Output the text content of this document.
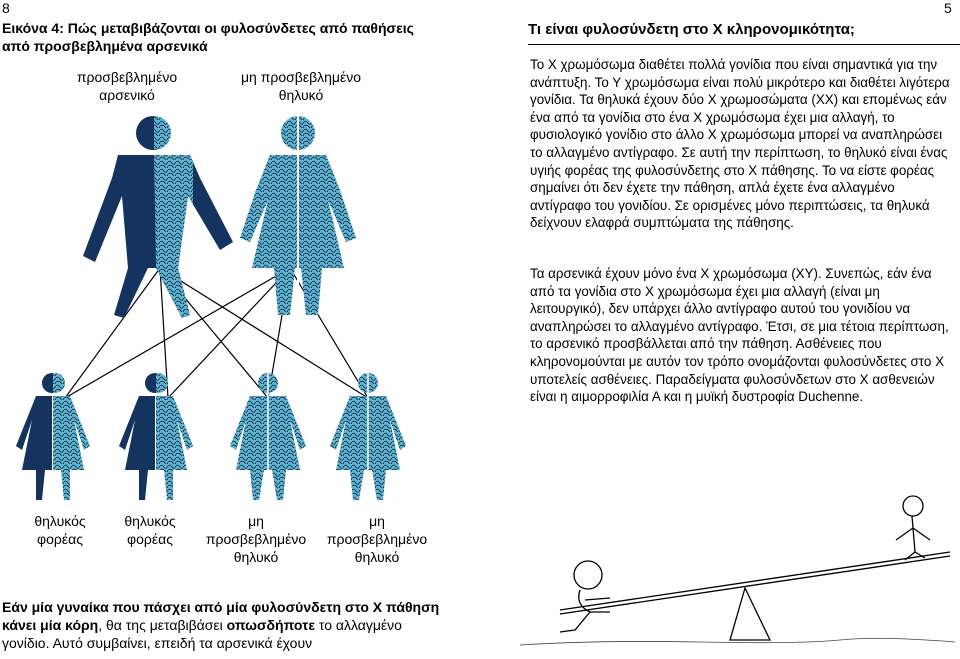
8	5
Εικόνα 4: Πώς μεταβιβάζονται οι φυλοσύνδετες από παθήσεις από προσβεβλημένα αρσενικά
προσβεβλημένο αρσενικό
μη προσβεβλημένο θηλυκό
θηλυκός φορέας
θηλυκός φορέας
μη προσβεβλημένο θηλυκό
μη προσβεβλημένο θηλυκό
Τι είναι φυλοσύνδετη στο Χ κληρονομικότητα;
Το Χ χρωμόσωμα διαθέτει πολλά γονίδια που είναι σημαντικά για την ανάπτυξη. Το Υ χρωμόσωμα είναι πολύ μικρότερο και διαθέτει λιγότερα γονίδια. Τα θηλυκά έχουν δύο Χ χρωμοσώματα (ΧΧ) και επομένως εάν ένα από τα γονίδια στο ένα Χ χρωμόσωμα έχει μια αλλαγή, το φυσιολογικό γονίδιο στο άλλο Χ χρωμόσωμα μπορεί να αναπληρώσει το αλλαγμένο αντίγραφο. Σε αυτή την περίπτωση, το θηλυκό είναι ένας υγιής φορέας της φυλοσύνδετης στο Χ πάθησης. Το να είστε φορέας σημαίνει ότι δεν έχετε την πάθηση, απλά έχετε ένα αλλαγμένο αντίγραφο του γονιδίου. Σε ορισμένες μόνο περιπτώσεις, τα θηλυκά δείχνουν ελαφρά συμπτώματα της πάθησης.
Τα αρσενικά έχουν μόνο ένα Χ χρωμόσωμα (ΧΥ). Συνεπώς, εάν ένα από τα γονίδια στο Χ χρωμόσωμα έχει μια αλλαγή (είναι μη λειτουργικό), δεν υπάρχει άλλο αντίγραφο αυτού του γονιδίου να αναπληρώσει το αλλαγμένο αντίγραφο. Έτσι, σε μια τέτοια περίπτωση, το αρσενικό προσβάλλεται από την πάθηση. Ασθένειες που κληρονομούνται με αυτόν τον τρόπο ονομάζονται φυλοσύνδετες στο Χ υποτελείς ασθένειες. Παραδείγματα φυλοσύνδετων στο Χ ασθενειών είναι η αιμορροφιλία Α και η μυϊκή δυστροφία Duchenne.
Εάν μία γυναίκα που πάσχει από μία φυλοσύνδετη στο Χ πάθηση κάνει μία κόρη, θα της μεταβιβάσει οπωσδήποτε το αλλαγμένο γονίδιο. Αυτό συμβαίνει, επειδή τα αρσενικά έχουν
